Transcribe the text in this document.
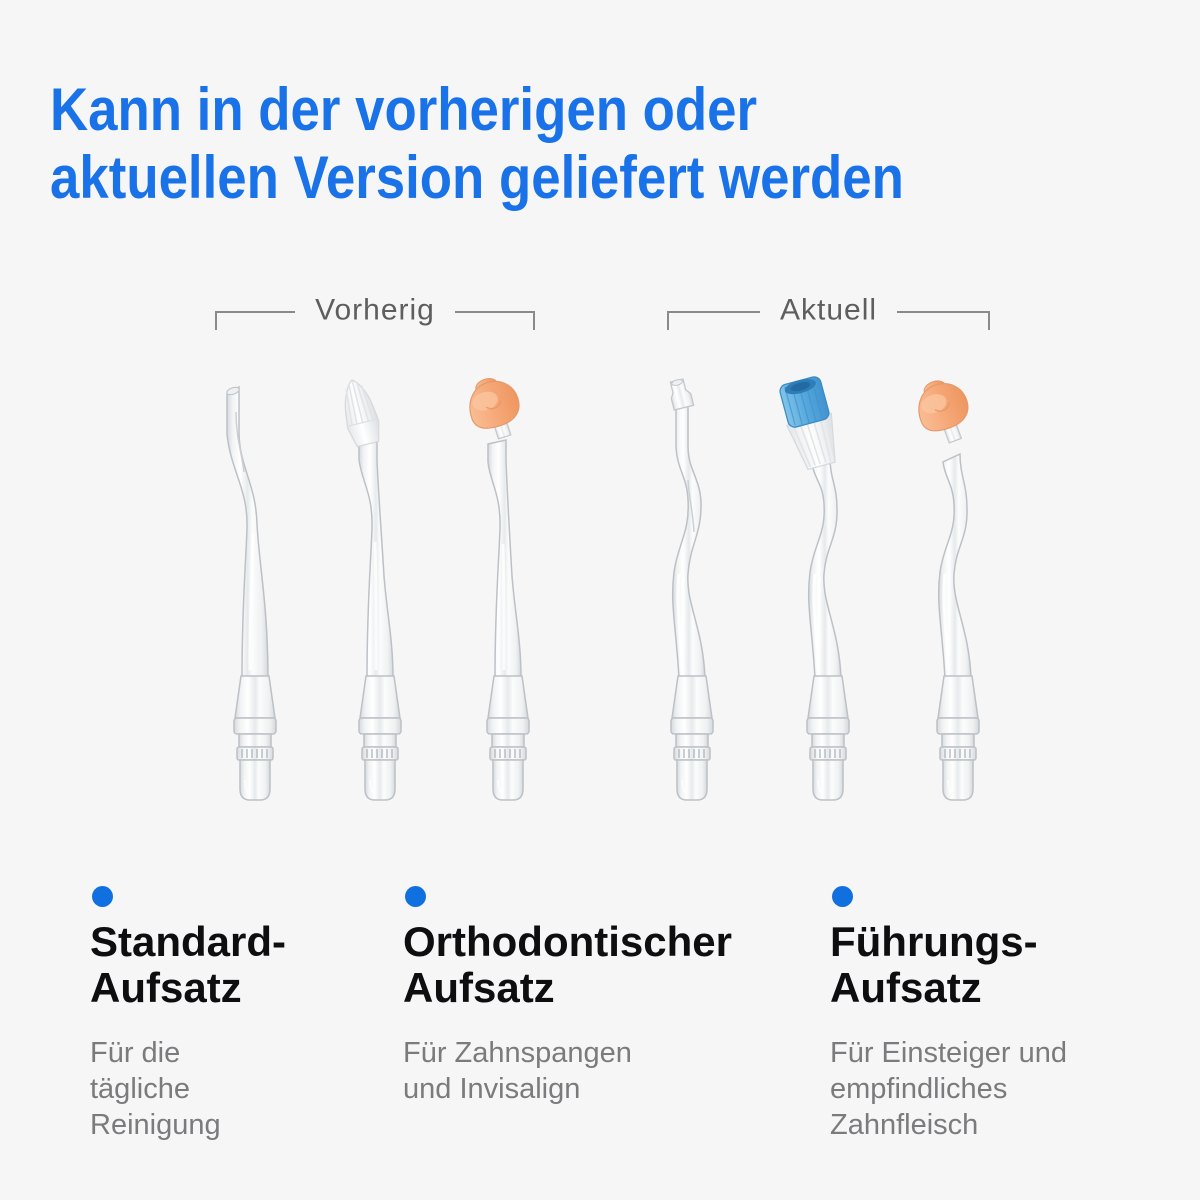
Kann in der vorherigen oder
aktuellen Version geliefert werden
Vorherig	Aktuell
Standard-
Aufsatz
Für die
tägliche
Reinigung
Orthodontischer
Aufsatz
Für Zahnspangen
und Invisalign
Führungs-
Aufsatz
Für Einsteiger und
empfindliches
Zahnfleisch
